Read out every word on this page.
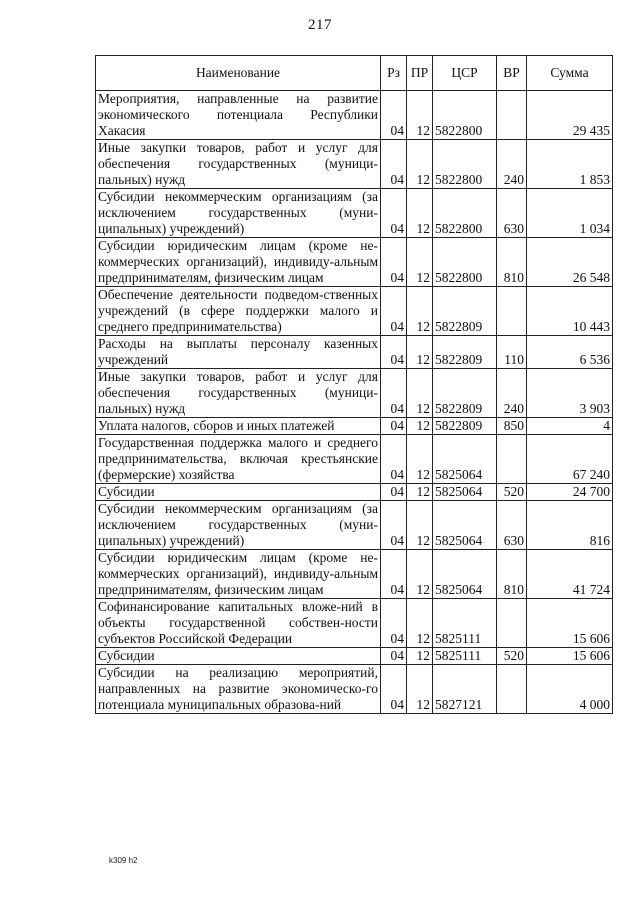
217
Наименование	Рз	ПР	ЦСР	ВР	Сумма
Мероприятия, направленные на развитие экономического потенциала Республики Хакасия	04	12	5822800		29 435
Иные закупки товаров, работ и услуг для обеспечения государственных (муници-пальных) нужд	04	12	5822800	240	1 853
Субсидии некоммерческим организациям (за исключением государственных (муни-ципальных) учреждений)	04	12	5822800	630	1 034
Субсидии юридическим лицам (кроме не-коммерческих организаций), индивиду-альным предпринимателям, физическим лицам	04	12	5822800	810	26 548
Обеспечение деятельности подведом-ственных учреждений (в сфере поддержки малого и среднего предпринимательства)	04	12	5822809		10 443
Расходы на выплаты персоналу казенных учреждений	04	12	5822809	110	6 536
Иные закупки товаров, работ и услуг для обеспечения государственных (муници-пальных) нужд	04	12	5822809	240	3 903
Уплата налогов, сборов и иных платежей	04	12	5822809	850	4
Государственная поддержка малого и среднего предпринимательства, включая крестьянские (фермерские) хозяйства	04	12	5825064		67 240
Субсидии	04	12	5825064	520	24 700
Субсидии некоммерческим организациям (за исключением государственных (муни-ципальных) учреждений)	04	12	5825064	630	816
Субсидии юридическим лицам (кроме не-коммерческих организаций), индивиду-альным предпринимателям, физическим лицам	04	12	5825064	810	41 724
Софинансирование капитальных вложе-ний в объекты государственной собствен-ности субъектов Российской Федерации	04	12	5825111		15 606
Субсидии	04	12	5825111	520	15 606
Субсидии на реализацию мероприятий, направленных на развитие экономическо-го потенциала муниципальных образова-ний	04	12	5827121		4 000
k309 h2
